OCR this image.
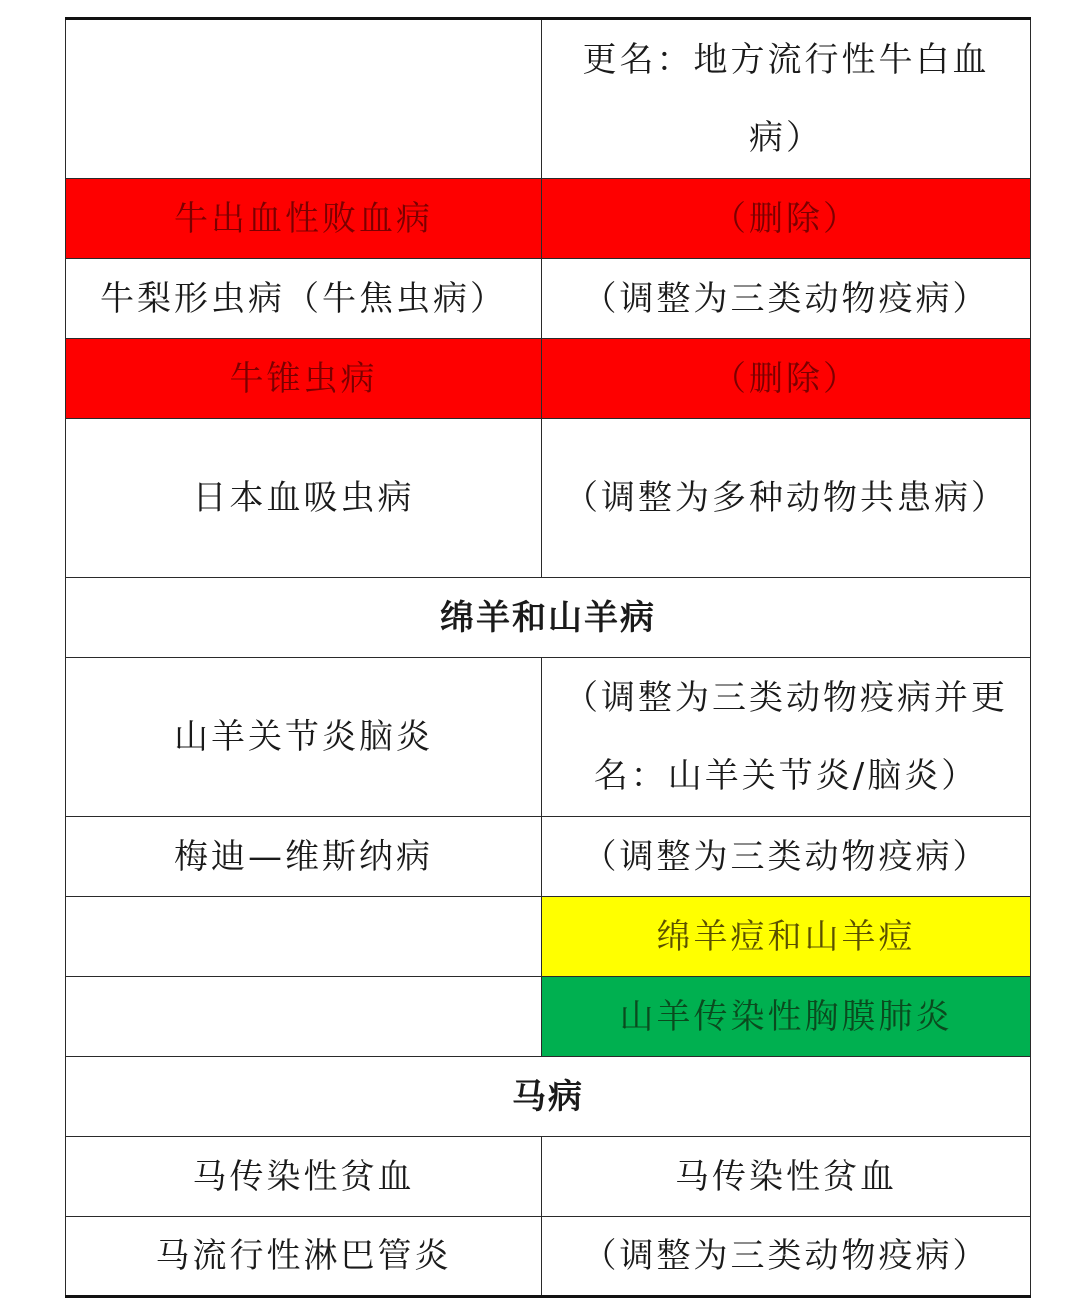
	更名：地方流行性牛白血病）
牛出血性败血病	（删除）
牛梨形虫病（牛焦虫病）	（调整为三类动物疫病）
牛锥虫病	（删除）
日本血吸虫病	（调整为多种动物共患病）
绵羊和山羊病	
山羊关节炎脑炎	（调整为三类动物疫病并更名：山羊关节炎/脑炎）
梅迪—维斯纳病	（调整为三类动物疫病）
	绵羊痘和山羊痘
	山羊传染性胸膜肺炎
马病	
马传染性贫血	马传染性贫血
马流行性淋巴管炎	（调整为三类动物疫病）
